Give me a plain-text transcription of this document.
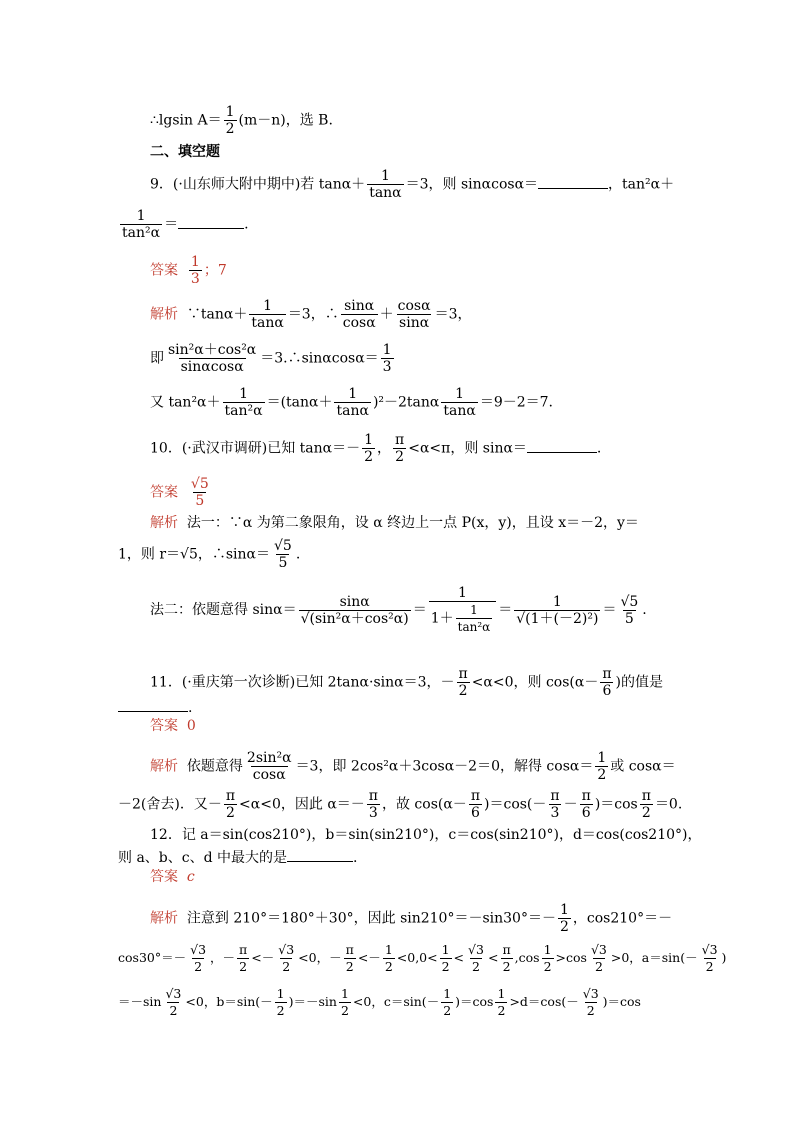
∴lgsin $A= \frac{1}{2} (m-n)$，选 B.
二、填空题
9．(·山东师大附中期中)若 $\tan\alpha+ \frac{1}{\tan\alpha} =3$，则 sinαcosα＝	，tan²α＋
$\frac{1}{\text{tan²α}}$ ＝	.
答案 $\frac{1}{3}$ ；7
解析 ∵tanα＋ $\frac{1}{\tan\alpha} =3$，∴ $\frac{\sin\alpha}{\cos\alpha} + \frac{\cos\alpha}{\sin\alpha} =3$，
即 $\frac{\text{sin²α＋cos²α}}{\sin\alpha\cos\alpha}$ ＝3.∴sinαcosα＝ $\frac{1}{3}$
又 $\tan^2\alpha+ \frac{1}{\text{tan²α}} =(\tan\alpha+ \frac{1}{\tan\alpha} )^2-2\tan\alpha \frac{1}{\tan\alpha} =9-2=7$.
10．(·武汉市调研)已知 $\tan\alpha=- \frac{1}{2}$ ， $\frac{\pi}{2} <\alpha<\pi$，则 sinα＝	.
答案 $\frac{√5}{5}$
解析 法一：∵α 为第二象限角，设 α 终边上一点 P(x，y)，且设 x＝－2，y＝
1，则 r＝√5，∴sinα＝ $\frac{√5}{5}$ .
法二：依题意得 $\sin\alpha= \frac{\sin\alpha}{\text{√(sin²α＋cos²α)}} = \frac{1}{1+ \frac{1}{\text{tan²α}}} = \frac{1}{\text{√(1＋(－2)²)}} = \frac{√5}{5}$ .
11．(·重庆第一次诊断)已知 2tanα·sinα＝3，－ $\frac{\pi}{2} <\alpha<0$，则 $\cos(\alpha- \frac{\pi}{6}$ )的值是
.
答案 0
解析 依题意得 $\frac{\text{2sin²α}}{\cos\alpha} =3$，即 2cos²α＋3cosα－2＝0，解得 $\cos\alpha= \frac{1}{2}$ 或 cosα＝
－2(舍去)．又－ $\frac{\pi}{2} <\alpha<0$，因此 $\alpha=- \frac{\pi}{3}$ ，故 $\cos(\alpha- \frac{\pi}{6} )=\cos(- \frac{\pi}{3} - \frac{\pi}{6} )=\cos \frac{\pi}{2} =0$.
12．记 a＝sin(cos210°)，b＝sin(sin210°)，c＝cos(sin210°)，d＝cos(cos210°)，
则 a、b、c、d 中最大的是	.
答案 c
解析 注意到 210°＝180°＋30°，因此 $\sin 210^\circ=-\sin 30^\circ=- \frac{1}{2}$ ，cos210°＝－
$\cos 30^\circ=- \frac{√3}{2}$ ，－ $\frac{\pi}{2} <- \frac{√3}{2} <0$，－ $\frac{\pi}{2} <- \frac{1}{2} <0,0< \frac{1}{2} < \frac{√3}{2} < \frac{\pi}{2} ,\cos \frac{1}{2} >\cos \frac{√3}{2} >0$，$a=\sin(- \frac{√3}{2}$ )
$=-\sin \frac{√3}{2} <0$，$b=\sin(- \frac{1}{2} )=-\sin \frac{1}{2} <0$，$c=\sin(- \frac{1}{2} )=\cos \frac{1}{2} >d=\cos(- \frac{√3}{2} )=\cos$
